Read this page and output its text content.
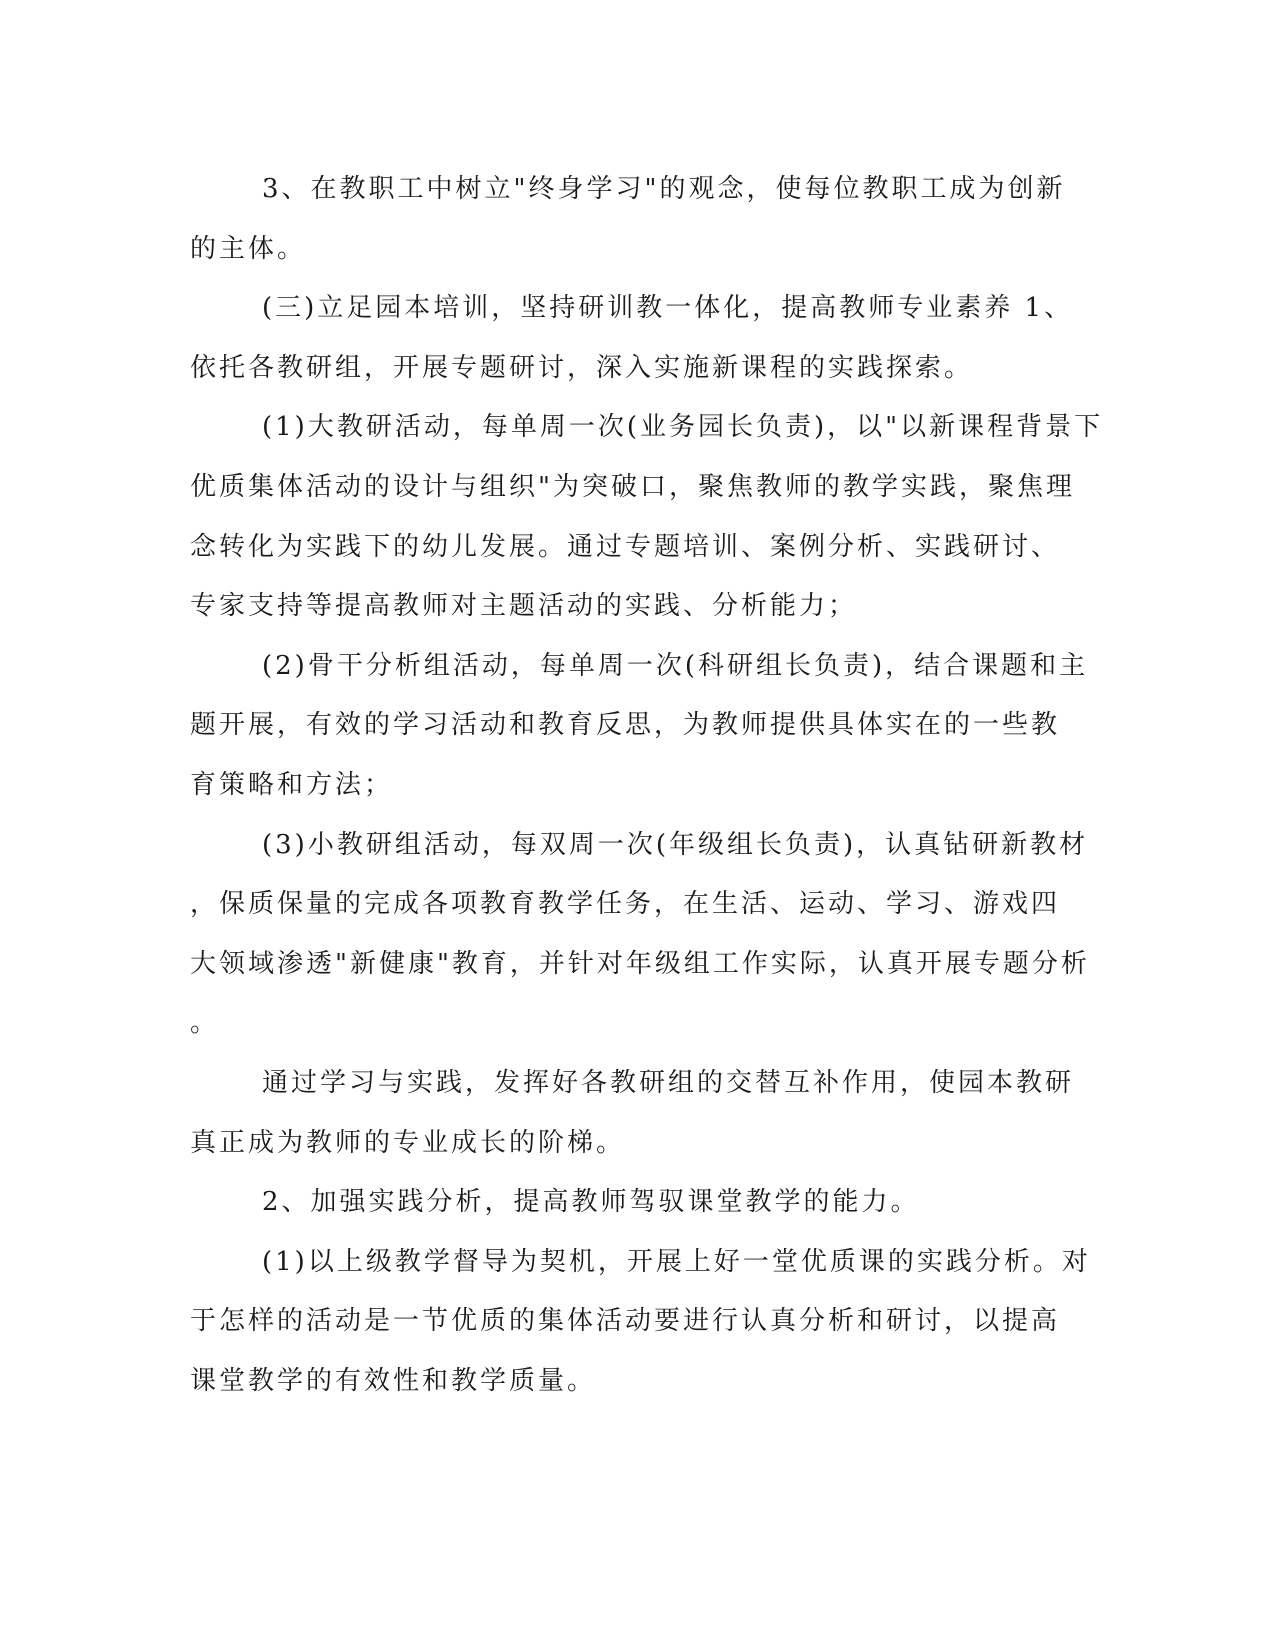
3、在教职工中树立"终身学习"的观念，使每位教职工成为创新
的主体。
(三)立足园本培训，坚持研训教一体化，提高教师专业素养 1、
依托各教研组，开展专题研讨，深入实施新课程的实践探索。
(1)大教研活动，每单周一次(业务园长负责)，以"以新课程背景下
优质集体活动的设计与组织"为突破口，聚焦教师的教学实践，聚焦理
念转化为实践下的幼儿发展。通过专题培训、案例分析、实践研讨、
专家支持等提高教师对主题活动的实践、分析能力；
(2)骨干分析组活动，每单周一次(科研组长负责)，结合课题和主
题开展，有效的学习活动和教育反思，为教师提供具体实在的一些教
育策略和方法；
(3)小教研组活动，每双周一次(年级组长负责)，认真钻研新教材
，保质保量的完成各项教育教学任务，在生活、运动、学习、游戏四
大领域渗透"新健康"教育，并针对年级组工作实际，认真开展专题分析
。
通过学习与实践，发挥好各教研组的交替互补作用，使园本教研
真正成为教师的专业成长的阶梯。
2、加强实践分析，提高教师驾驭课堂教学的能力。
(1)以上级教学督导为契机，开展上好一堂优质课的实践分析。对
于怎样的活动是一节优质的集体活动要进行认真分析和研讨，以提高
课堂教学的有效性和教学质量。
